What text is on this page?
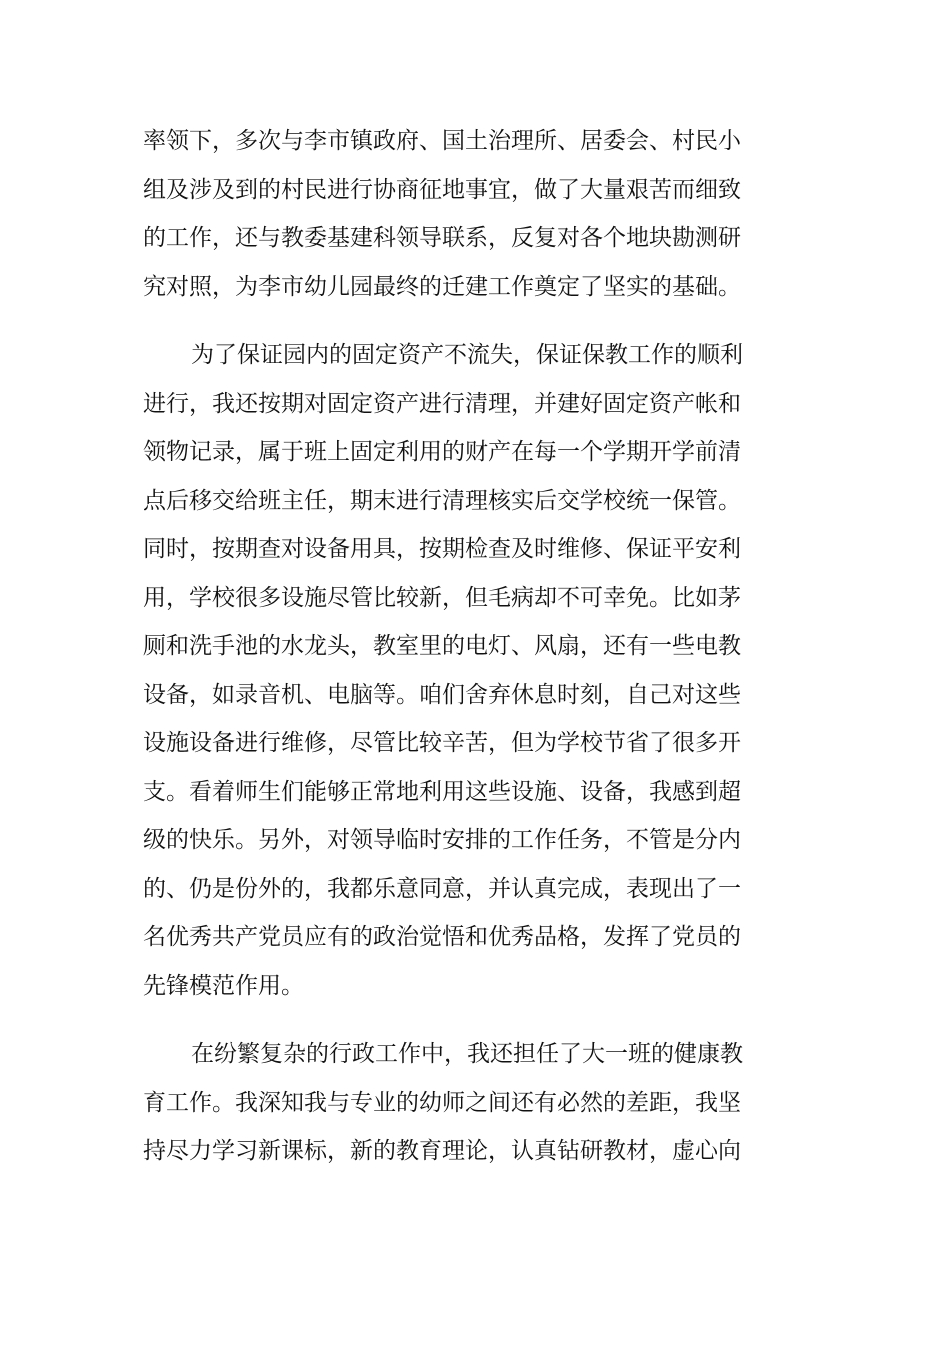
率领下，多次与李市镇政府、国土治理所、居委会、村民小
组及涉及到的村民进行协商征地事宜，做了大量艰苦而细致
的工作，还与教委基建科领导联系，反复对各个地块勘测研
究对照，为李市幼儿园最终的迁建工作奠定了坚实的基础。

为了保证园内的固定资产不流失，保证保教工作的顺利
进行，我还按期对固定资产进行清理，并建好固定资产帐和
领物记录，属于班上固定利用的财产在每一个学期开学前清
点后移交给班主任，期末进行清理核实后交学校统一保管。
同时，按期查对设备用具，按期检查及时维修、保证平安利
用，学校很多设施尽管比较新，但毛病却不可幸免。比如茅
厕和洗手池的水龙头，教室里的电灯、风扇，还有一些电教
设备，如录音机、电脑等。咱们舍弃休息时刻，自己对这些
设施设备进行维修，尽管比较辛苦，但为学校节省了很多开
支。看着师生们能够正常地利用这些设施、设备，我感到超
级的快乐。另外，对领导临时安排的工作任务，不管是分内
的、仍是份外的，我都乐意同意，并认真完成，表现出了一
名优秀共产党员应有的政治觉悟和优秀品格，发挥了党员的
先锋模范作用。

在纷繁复杂的行政工作中，我还担任了大一班的健康教
育工作。我深知我与专业的幼师之间还有必然的差距，我坚
持尽力学习新课标，新的教育理论，认真钻研教材，虚心向
